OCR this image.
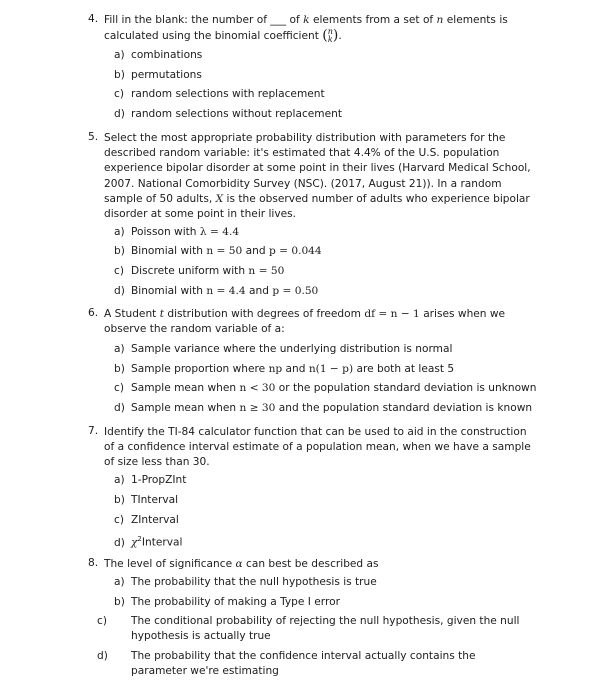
4. Fill in the blank: the number of ___ of k elements from a set of n elements is calculated using the binomial coefficient (n
k).

a) combinations
b) permutations
c) random selections with replacement
d) random selections without replacement
5. Select the most appropriate probability distribution with parameters for the described random variable: it's estimated that 4.4% of the U.S. population experience bipolar disorder at some point in their lives (Harvard Medical School, 2007. National Comorbidity Survey (NSC). (2017, August 21)). In a random sample of 50 adults, X is the observed number of adults who experience bipolar disorder at some point in their lives.

a) Poisson with λ = 4.4
b) Binomial with n = 50 and p = 0.044
c) Discrete uniform with n = 50
d) Binomial with n = 4.4 and p = 0.50
6. A Student t distribution with degrees of freedom df = n − 1 arises when we observe the random variable of a:

a) Sample variance where the underlying distribution is normal
b) Sample proportion where np and n(1 − p) are both at least 5
c) Sample mean when n < 30 or the population standard deviation is unknown
d) Sample mean when n ≥ 30 and the population standard deviation is known
7. Identify the TI-84 calculator function that can be used to aid in the construction of a confidence interval estimate of a population mean, when we have a sample of size less than 30.

a) 1-PropZInt
b) TInterval
c) ZInterval
d) $\chi^2Interval$
8. The level of significance α can best be described as

a) The probability that the null hypothesis is true
b) The probability of making a Type I error
c) The conditional probability of rejecting the null hypothesis, given the null hypothesis is actually true
d) The probability that the confidence interval actually contains the parameter we're estimating
